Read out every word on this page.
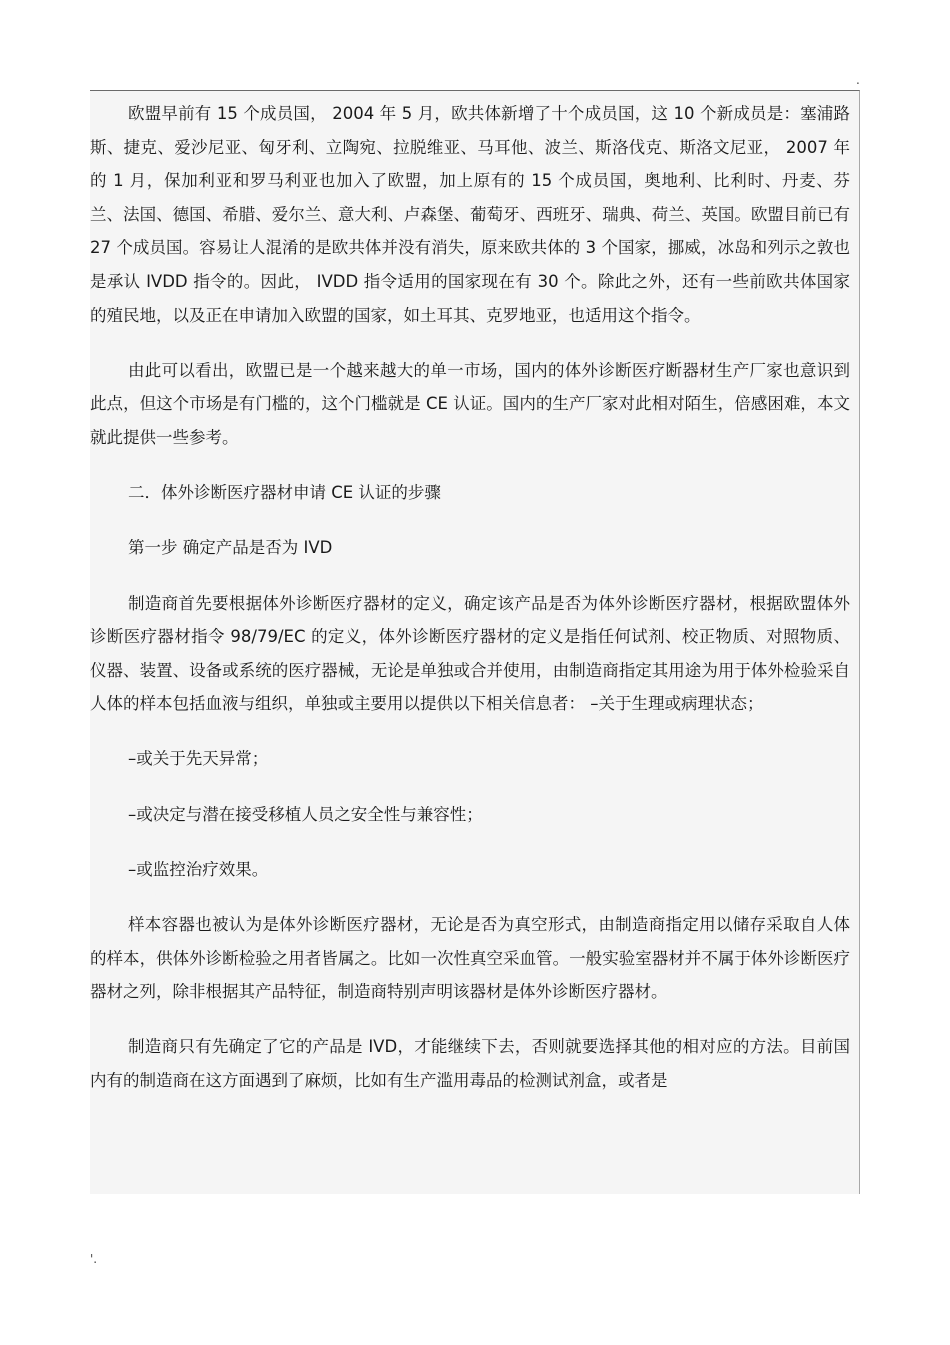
.

欧盟早前有 15 个成员国， 2004 年 5 月，欧共体新增了十个成员国，这 10 个新成员是：塞浦路斯、捷克、爱沙尼亚、匈牙利、立陶宛、拉脱维亚、马耳他、波兰、斯洛伐克、斯洛文尼亚， 2007 年的 1 月，保加利亚和罗马利亚也加入了欧盟，加上原有的 15 个成员国，奥地利、比利时、丹麦、芬兰、法国、德国、希腊、爱尔兰、意大利、卢森堡、葡萄牙、西班牙、瑞典、荷兰、英国。欧盟目前已有 27 个成员国。容易让人混淆的是欧共体并没有消失，原来欧共体的 3 个国家，挪威，冰岛和列示之敦也是承认 IVDD 指令的。因此， IVDD 指令适用的国家现在有 30 个。除此之外，还有一些前欧共体国家的殖民地，以及正在申请加入欧盟的国家，如土耳其、克罗地亚，也适用这个指令。

由此可以看出，欧盟已是一个越来越大的单一市场，国内的体外诊断医疗断器材生产厂家也意识到此点，但这个市场是有门槛的，这个门槛就是 CE 认证。国内的生产厂家对此相对陌生，倍感困难，本文就此提供一些参考。

二．体外诊断医疗器材申请 CE 认证的步骤

第一步 确定产品是否为 IVD

制造商首先要根据体外诊断医疗器材的定义，确定该产品是否为体外诊断医疗器材，根据欧盟体外诊断医疗器材指令 98/79/EC 的定义，体外诊断医疗器材的定义是指任何试剂、校正物质、对照物质、仪器、装置、设备或系统的医疗器械，无论是单独或合并使用，由制造商指定其用途为用于体外检验采自人体的样本包括血液与组织，单独或主要用以提供以下相关信息者： –关于生理或病理状态；

–或关于先天异常；

–或决定与潜在接受移植人员之安全性与兼容性；

–或监控治疗效果。

样本容器也被认为是体外诊断医疗器材，无论是否为真空形式，由制造商指定用以储存采取自人体的样本，供体外诊断检验之用者皆属之。比如一次性真空采血管。一般实验室器材并不属于体外诊断医疗器材之列，除非根据其产品特征，制造商特别声明该器材是体外诊断医疗器材。

制造商只有先确定了它的产品是 IVD，才能继续下去，否则就要选择其他的相对应的方法。目前国内有的制造商在这方面遇到了麻烦，比如有生产滥用毒品的检测试剂盒，或者是

'.
